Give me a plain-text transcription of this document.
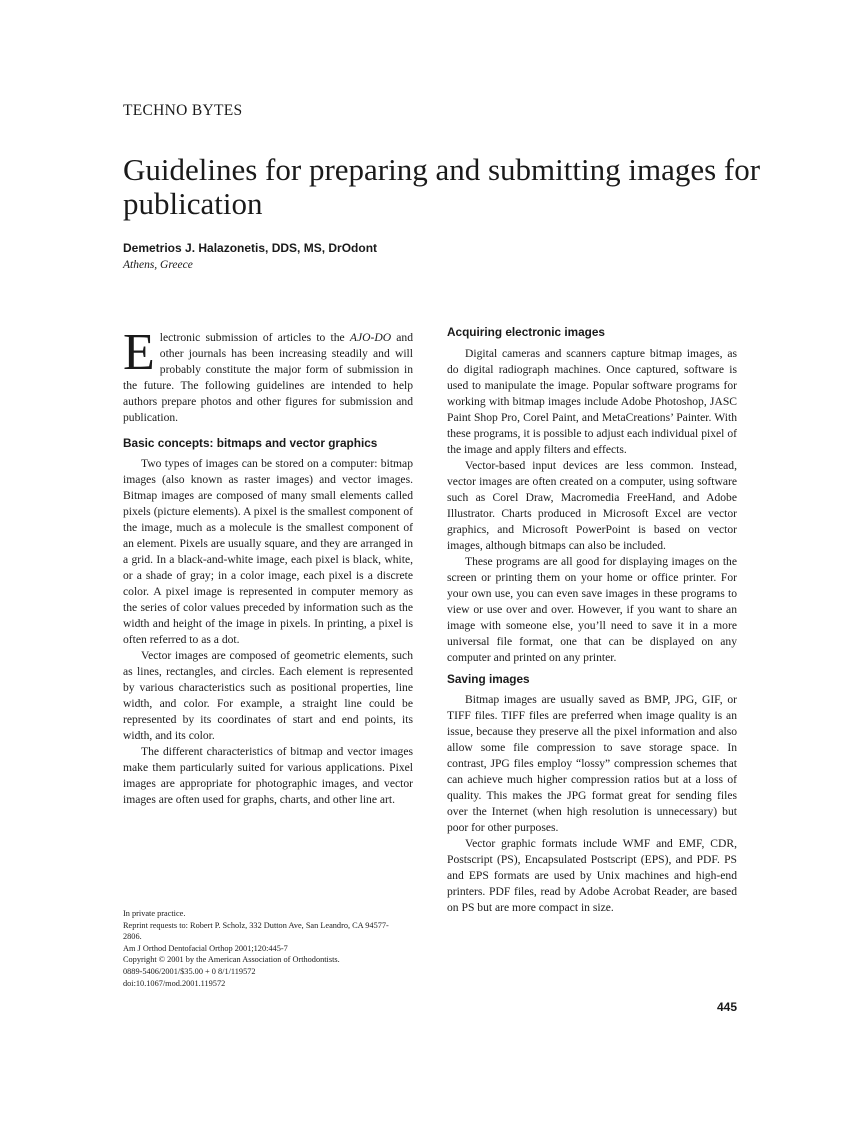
TECHNO BYTES
Guidelines for preparing and submitting images for publication
Demetrios J. Halazonetis, DDS, MS, DrOdont
Athens, Greece

Electronic submission of articles to the AJO-DO and other journals has been increasing steadily and will probably constitute the major form of submission in the future. The following guidelines are intended to help authors prepare photos and other figures for submission and publication.

Basic concepts: bitmaps and vector graphics

Two types of images can be stored on a computer: bitmap images (also known as raster images) and vector images. Bitmap images are composed of many small elements called pixels (picture elements). A pixel is the smallest component of the image, much as a molecule is the smallest component of an element. Pixels are usually square, and they are arranged in a grid. In a black-and-white image, each pixel is black, white, or a shade of gray; in a color image, each pixel is a discrete color. A pixel image is represented in computer memory as the series of color values preceded by information such as the width and height of the image in pixels. In printing, a pixel is often referred to as a dot.

Vector images are composed of geometric elements, such as lines, rectangles, and circles. Each element is represented by various characteristics such as positional properties, line width, and color. For example, a straight line could be represented by its coordinates of start and end points, its width, and its color.

The different characteristics of bitmap and vector images make them particularly suited for various applications. Pixel images are appropriate for photographic images, and vector images are often used for graphs, charts, and other line art.

Acquiring electronic images

Digital cameras and scanners capture bitmap images, as do digital radiograph machines. Once captured, software is used to manipulate the image. Popular software programs for working with bitmap images include Adobe Photoshop, JASC Paint Shop Pro, Corel Paint, and MetaCreations’ Painter. With these programs, it is possible to adjust each individual pixel of the image and apply filters and effects.

Vector-based input devices are less common. Instead, vector images are often created on a computer, using software such as Corel Draw, Macromedia FreeHand, and Adobe Illustrator. Charts produced in Microsoft Excel are vector graphics, and Microsoft PowerPoint is based on vector images, although bitmaps can also be included.

These programs are all good for displaying images on the screen or printing them on your home or office printer. For your own use, you can even save images in these programs to view or use over and over. However, if you want to share an image with someone else, you’ll need to save it in a more universal file format, one that can be displayed on any computer and printed on any printer.

Saving images

Bitmap images are usually saved as BMP, JPG, GIF, or TIFF files. TIFF files are preferred when image quality is an issue, because they preserve all the pixel information and also allow some file compression to save storage space. In contrast, JPG files employ “lossy” compression schemes that can achieve much higher compression ratios but at a loss of quality. This makes the JPG format great for sending files over the Internet (when high resolution is unnecessary) but poor for other purposes.

Vector graphic formats include WMF and EMF, CDR, Postscript (PS), Encapsulated Postscript (EPS), and PDF. PS and EPS formats are used by Unix machines and high-end printers. PDF files, read by Adobe Acrobat Reader, are based on PS but are more compact in size.

In private practice.
Reprint requests to: Robert P. Scholz, 332 Dutton Ave, San Leandro, CA 94577-
2806.
Am J Orthod Dentofacial Orthop 2001;120:445-7
Copyright © 2001 by the American Association of Orthodontists.
0889-5406/2001/$35.00 + 0 8/1/119572
doi:10.1067/mod.2001.119572
445
